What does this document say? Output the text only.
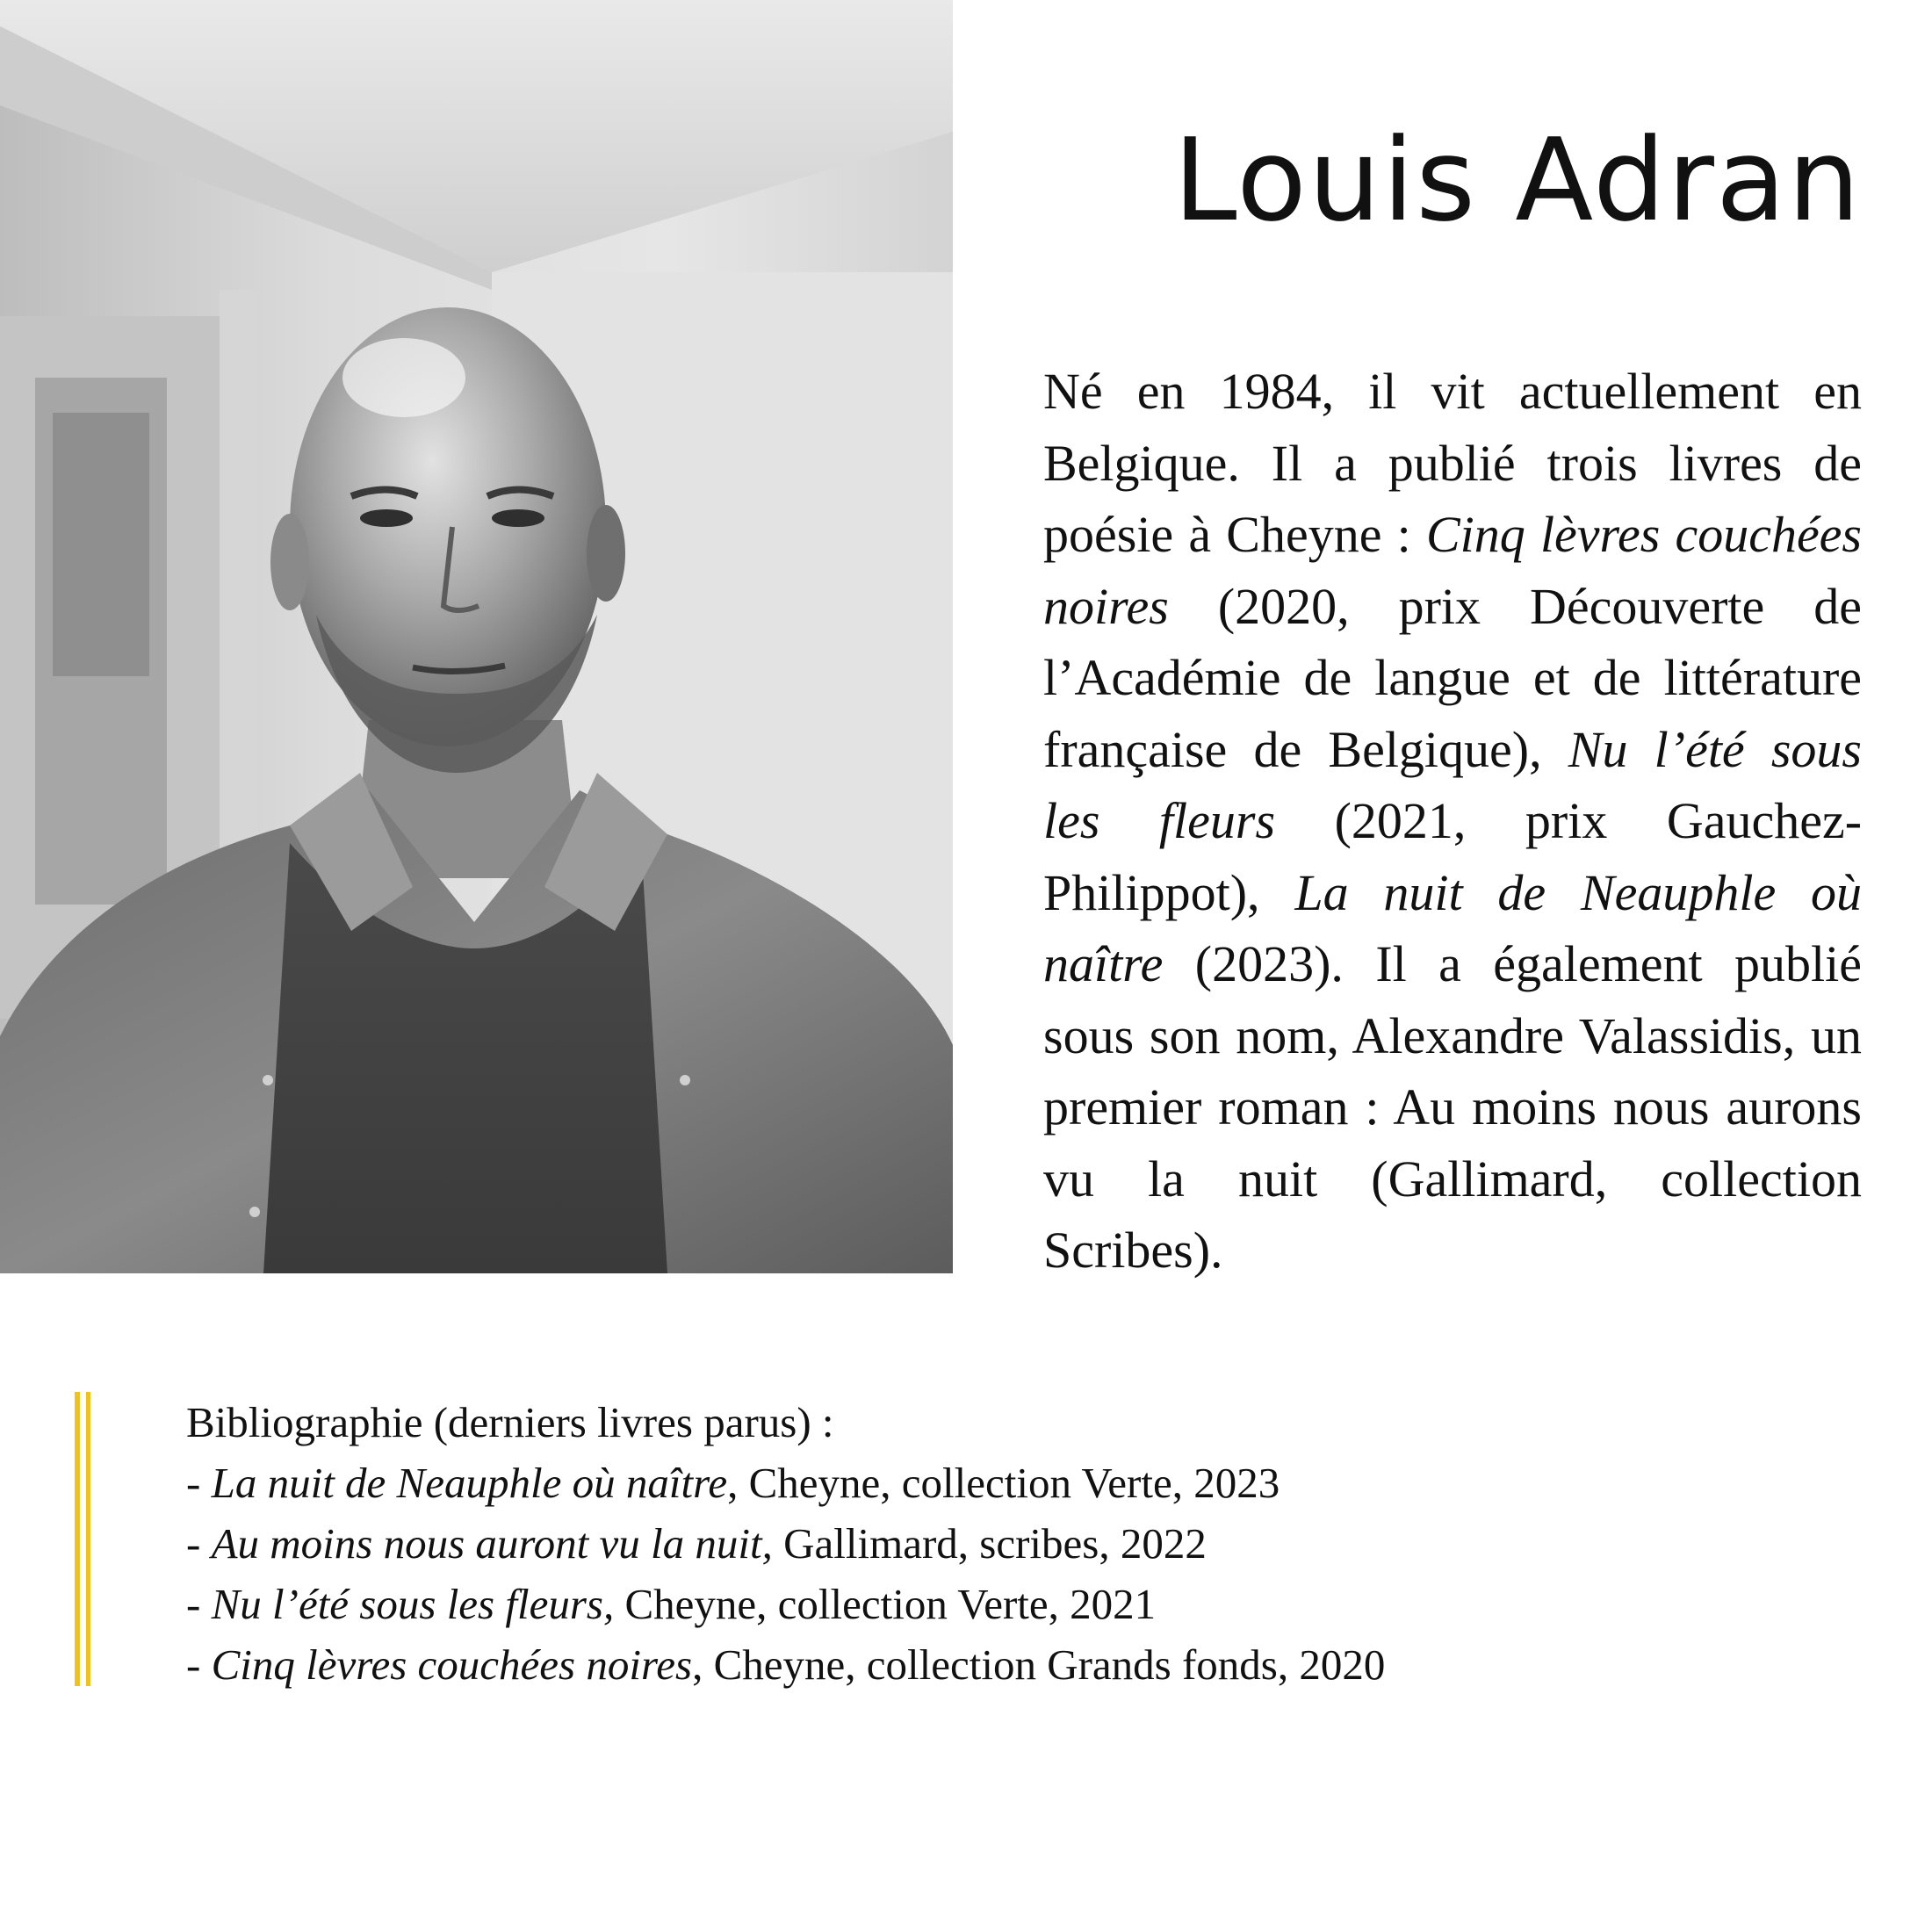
Louis Adran

Né en 1984, il vit actuellement en Belgique. Il a publié trois livres de poésie à Cheyne : Cinq lèvres couchées noires (2020, prix Découverte de l’Académie de langue et de littérature française de Belgique), Nu l’été sous les fleurs (2021, prix Gauchez-Philippot), La nuit de Neauphle où naître (2023). Il a également publié sous son nom, Alexandre Valassidis, un premier roman : Au moins nous aurons vu la nuit (Gallimard, collection Scribes).

Bibliographie (derniers livres parus) :

- La nuit de Neauphle où naître, Cheyne, collection Verte, 2023

- Au moins nous auront vu la nuit, Gallimard, scribes, 2022

- Nu l’été sous les fleurs, Cheyne, collection Verte, 2021

- Cinq lèvres couchées noires, Cheyne, collection Grands fonds, 2020
